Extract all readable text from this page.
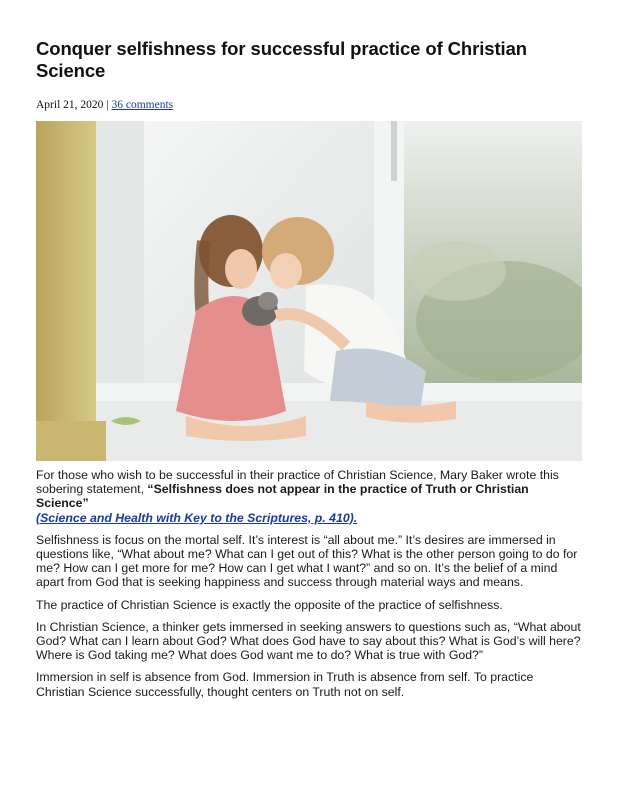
Conquer selfishness for successful practice of Christian Science
April 21, 2020 | 36 comments

For those who wish to be successful in their practice of Christian Science, Mary Baker wrote this sobering statement, “Selfishness does not appear in the practice of Truth or Christian Science”
(Science and Health with Key to the Scriptures, p. 410).

Selfishness is focus on the mortal self. It’s interest is “all about me.” It’s desires are immersed in questions like, “What about me? What can I get out of this? What is the other person going to do for me? How can I get more for me? How can I get what I want?” and so on. It’s the belief of a mind apart from God that is seeking happiness and success through material ways and means.

The practice of Christian Science is exactly the opposite of the practice of selfishness.

In Christian Science, a thinker gets immersed in seeking answers to questions such as, “What about God? What can I learn about God? What does God have to say about this? What is God’s will here? Where is God taking me? What does God want me to do? What is true with God?”

Immersion in self is absence from God. Immersion in Truth is absence from self. To practice Christian Science successfully, thought centers on Truth not on self.
